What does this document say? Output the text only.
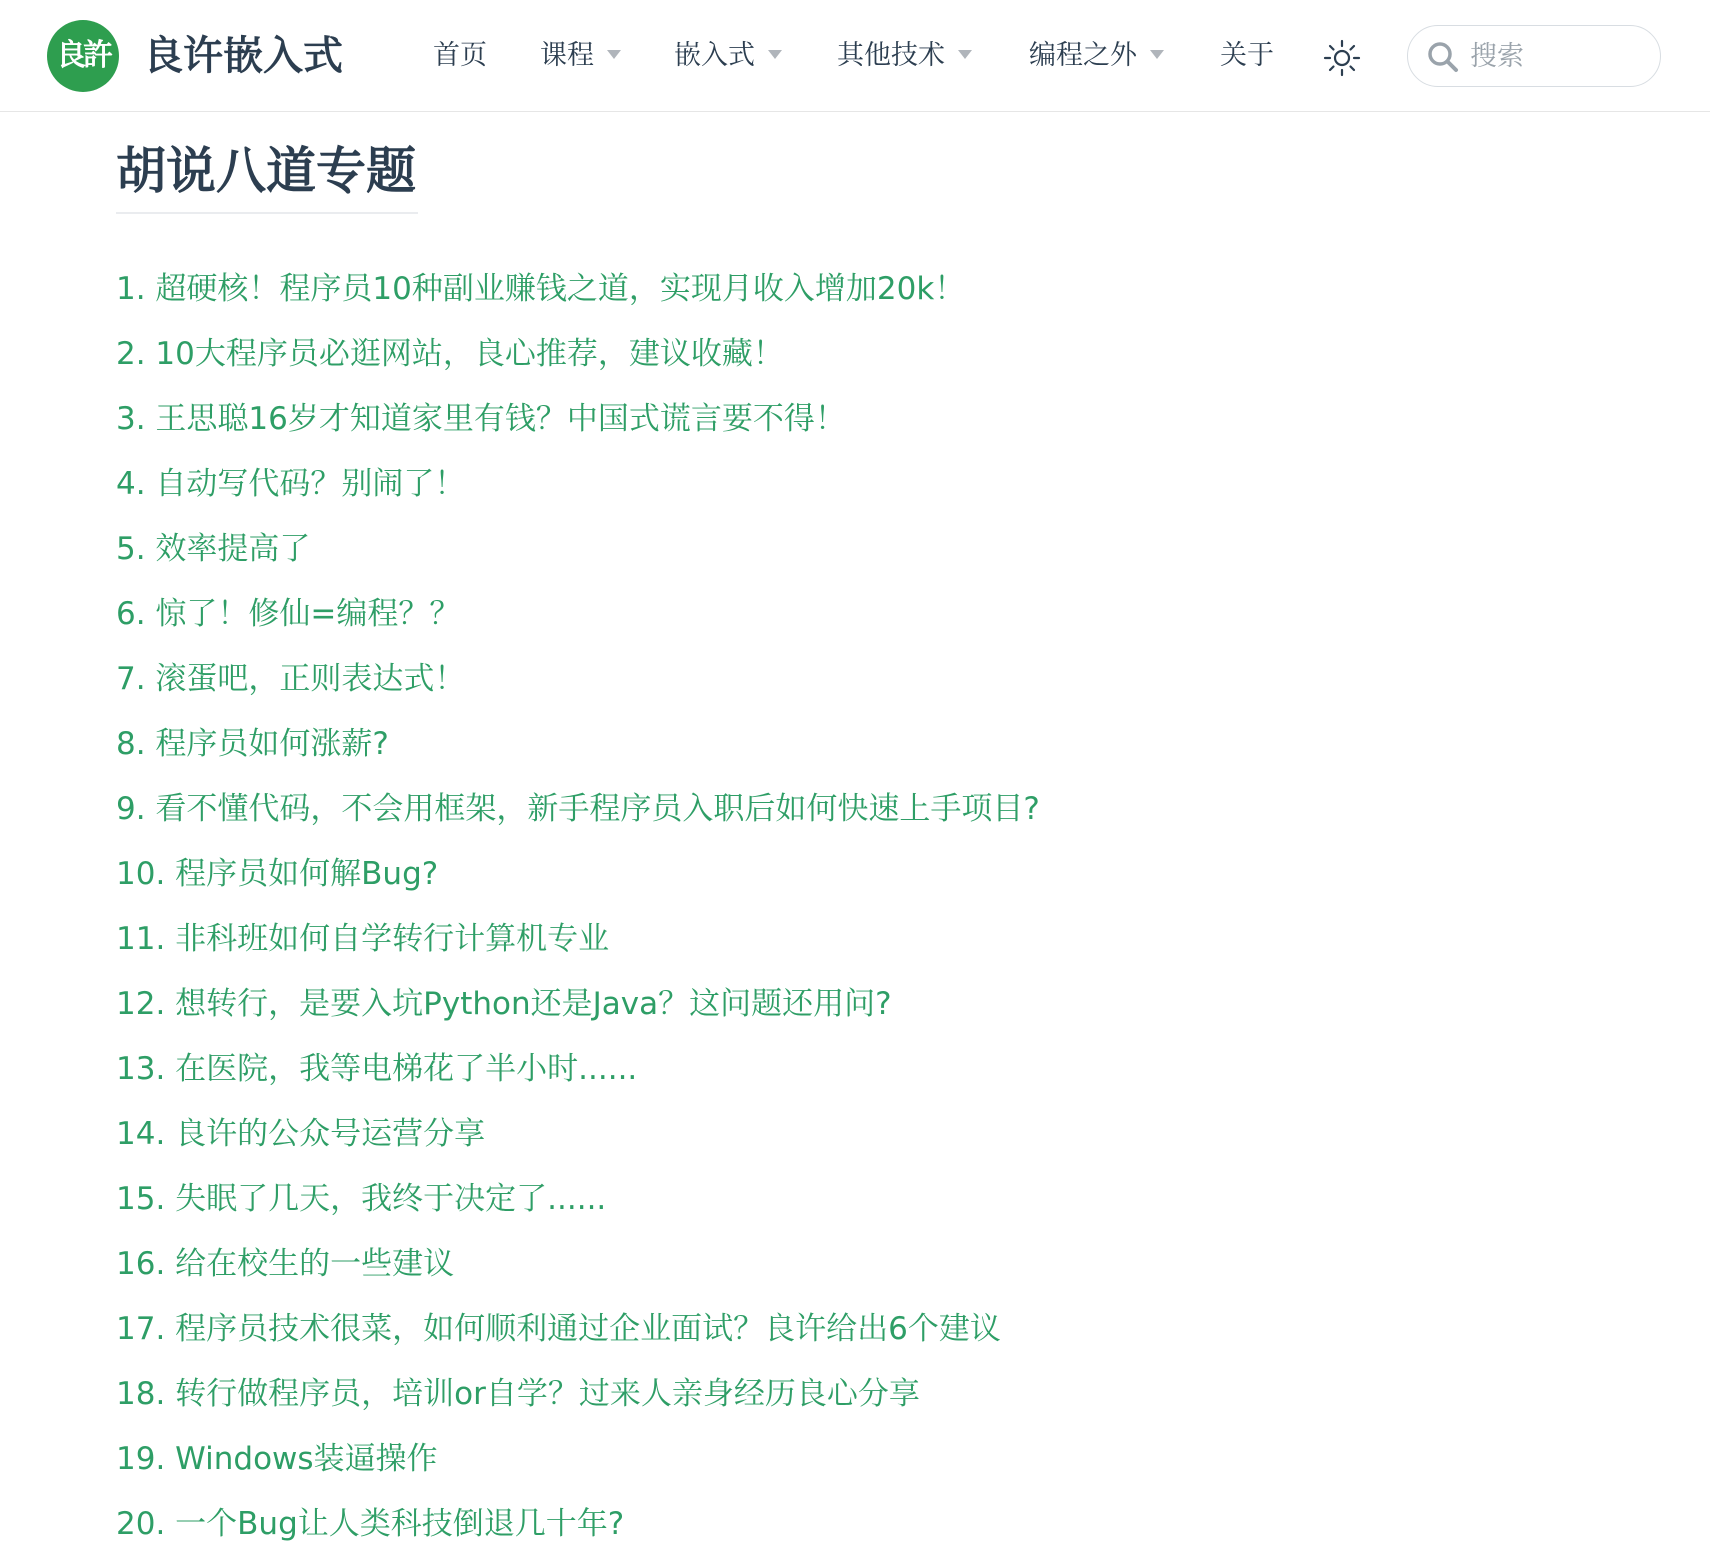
良許 良许嵌入式	首页 课程	嵌入式	其他技术	编程之外	关于
搜索
胡说八道专题
1. 超硬核！程序员10种副业赚钱之道，实现月收入增加20k！
2. 10大程序员必逛网站，良心推荐，建议收藏！
3. 王思聪16岁才知道家里有钱？中国式谎言要不得！
4. 自动写代码？别闹了！
5. 效率提高了
6. 惊了！修仙=编程？？
7. 滚蛋吧，正则表达式！
8. 程序员如何涨薪?
9. 看不懂代码，不会用框架，新手程序员入职后如何快速上手项目?
10. 程序员如何解Bug?
11. 非科班如何自学转行计算机专业
12. 想转行，是要入坑Python还是Java？这问题还用问?
13. 在医院，我等电梯花了半小时......
14. 良许的公众号运营分享
15. 失眠了几天，我终于决定了......
16. 给在校生的一些建议
17. 程序员技术很菜，如何顺利通过企业面试？良许给出6个建议
18. 转行做程序员，培训or自学？过来人亲身经历良心分享
19. Windows装逼操作
20. 一个Bug让人类科技倒退几十年?
